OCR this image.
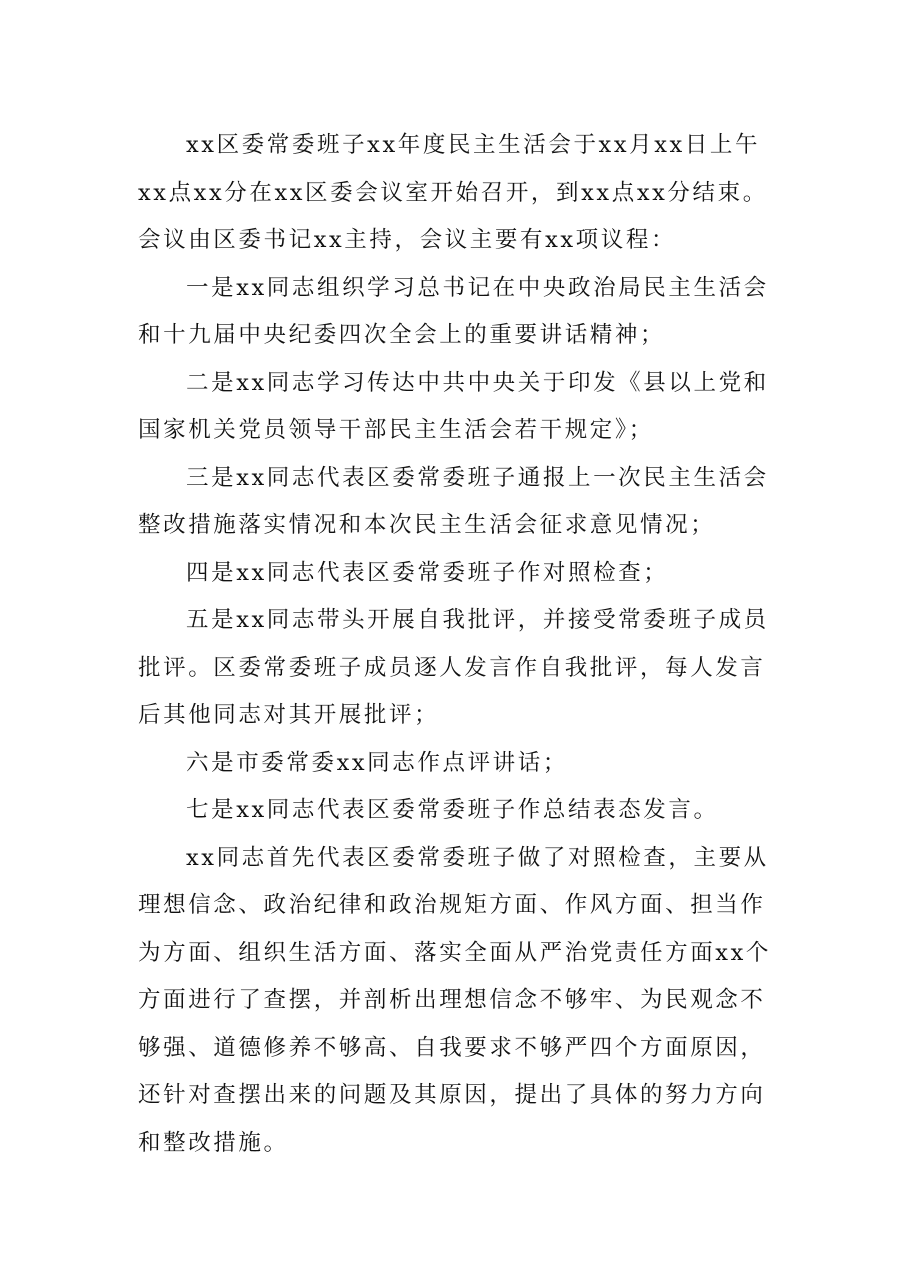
xx区委常委班子xx年度民主生活会于xx月xx日上午
xx点xx分在xx区委会议室开始召开，到xx点xx分结束。
会议由区委书记xx主持，会议主要有xx项议程：
一是xx同志组织学习总书记在中央政治局民主生活会
和十九届中央纪委四次全会上的重要讲话精神；
二是xx同志学习传达中共中央关于印发《县以上党和
国家机关党员领导干部民主生活会若干规定》；
三是xx同志代表区委常委班子通报上一次民主生活会
整改措施落实情况和本次民主生活会征求意见情况；
四是xx同志代表区委常委班子作对照检查；
五是xx同志带头开展自我批评，并接受常委班子成员
批评。区委常委班子成员逐人发言作自我批评，每人发言
后其他同志对其开展批评；
六是市委常委xx同志作点评讲话；
七是xx同志代表区委常委班子作总结表态发言。
xx同志首先代表区委常委班子做了对照检查，主要从
理想信念、政治纪律和政治规矩方面、作风方面、担当作
为方面、组织生活方面、落实全面从严治党责任方面xx个
方面进行了查摆，并剖析出理想信念不够牢、为民观念不
够强、道德修养不够高、自我要求不够严四个方面原因，
还针对查摆出来的问题及其原因，提出了具体的努力方向
和整改措施。
